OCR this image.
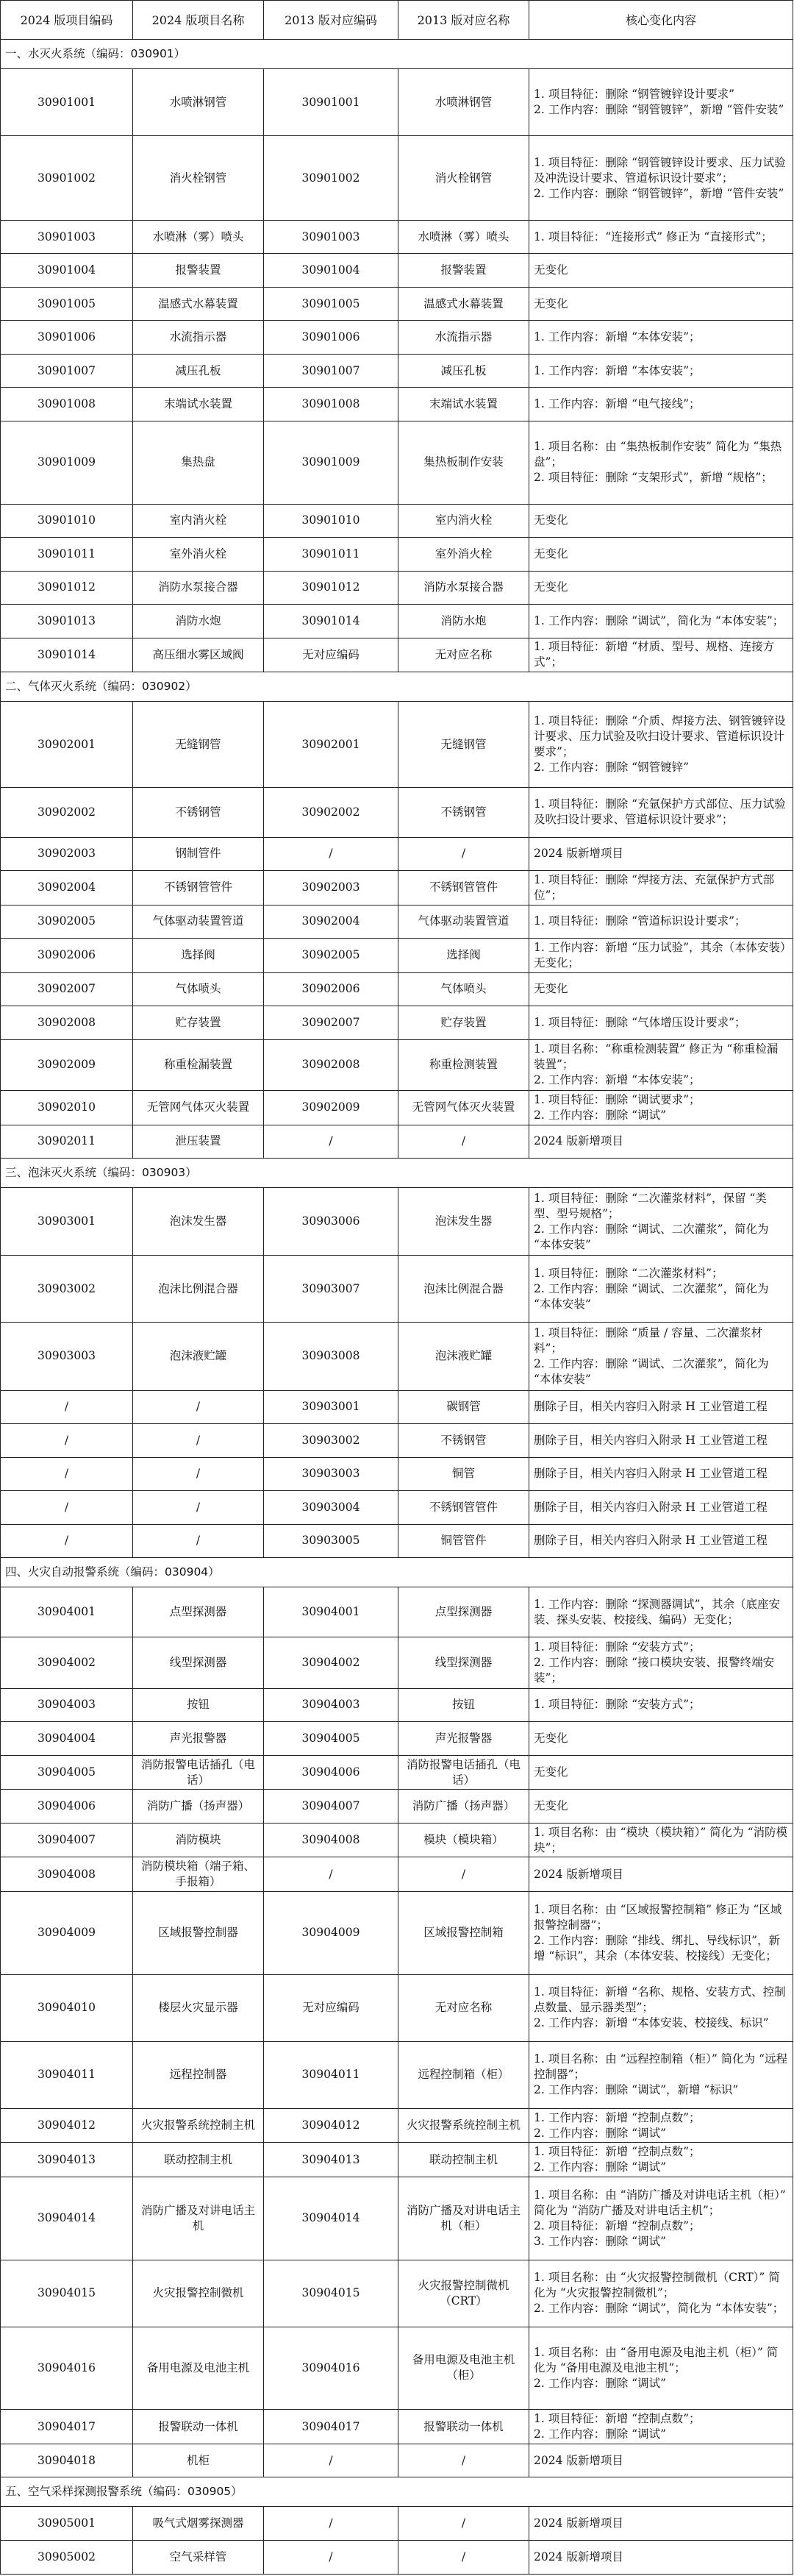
2024 版项目编码	2024 版项目名称	2013 版对应编码	2013 版对应名称	核心变化内容
一、水灭火系统（编码：030901）				
30901001	水喷淋钢管	30901001	水喷淋钢管	1. 项目特征：删除 “钢管镀锌设计要求”
2. 工作内容：删除 “钢管镀锌”，新增 “管件安装”

30901002	消火栓钢管	30901002	消火栓钢管	1. 项目特征：删除 “钢管镀锌设计要求、压力试验及冲洗设计要求、管道标识设计要求”；
2. 工作内容：删除 “钢管镀锌”，新增 “管件安装”

30901003	水喷淋（雾）喷头	30901003	水喷淋（雾）喷头	1. 项目特征：“连接形式” 修正为 “直接形式”；

30901004	报警装置	30901004	报警装置	无变化

30901005	温感式水幕装置	30901005	温感式水幕装置	无变化

30901006	水流指示器	30901006	水流指示器	1. 工作内容：新增 “本体安装”；

30901007	减压孔板	30901007	减压孔板	1. 工作内容：新增 “本体安装”；

30901008	末端试水装置	30901008	末端试水装置	1. 工作内容：新增 “电气接线”；

30901009	集热盘	30901009	集热板制作安装	1. 项目名称：由 “集热板制作安装” 简化为 “集热盘”；
2. 项目特征：删除 “支架形式”，新增 “规格”；

30901010	室内消火栓	30901010	室内消火栓	无变化

30901011	室外消火栓	30901011	室外消火栓	无变化

30901012	消防水泵接合器	30901012	消防水泵接合器	无变化

30901013	消防水炮	30901014	消防水炮	1. 工作内容：删除 “调试”，简化为 “本体安装”；

30901014	高压细水雾区域阀	无对应编码	无对应名称	1. 项目特征：新增 “材质、型号、规格、连接方式”；

二、气体灭火系统（编码：030902）				
30902001	无缝钢管	30902001	无缝钢管	1. 项目特征：删除 “介质、焊接方法、钢管镀锌设计要求、压力试验及吹扫设计要求、管道标识设计要求”；
2. 工作内容：删除 “钢管镀锌”

30902002	不锈钢管	30902002	不锈钢管	1. 项目特征：删除 “充氩保护方式部位、压力试验及吹扫设计要求、管道标识设计要求”；

30902003	钢制管件	/	/	2024 版新增项目

30902004	不锈钢管管件	30902003	不锈钢管管件	1. 项目特征：删除 “焊接方法、充氩保护方式部位”；

30902005	气体驱动装置管道	30902004	气体驱动装置管道	1. 项目特征：删除 “管道标识设计要求”；

30902006	选择阀	30902005	选择阀	1. 工作内容：新增 “压力试验”，其余（本体安装）无变化；

30902007	气体喷头	30902006	气体喷头	无变化

30902008	贮存装置	30902007	贮存装置	1. 项目特征：删除 “气体增压设计要求”；

30902009	称重检漏装置	30902008	称重检测装置	1. 项目名称：“称重检测装置” 修正为 “称重检漏装置”；
2. 工作内容：新增 “本体安装”；

30902010	无管网气体灭火装置	30902009	无管网气体灭火装置	1. 项目特征：删除 “调试要求”；
2. 工作内容：删除 “调试”

30902011	泄压装置	/	/	2024 版新增项目

三、泡沫灭火系统（编码：030903）				
30903001	泡沫发生器	30903006	泡沫发生器	1. 项目特征：删除 “二次灌浆材料”，保留 “类型、型号规格”；
2. 工作内容：删除 “调试、二次灌浆”，简化为 “本体安装”

30903002	泡沫比例混合器	30903007	泡沫比例混合器	1. 项目特征：删除 “二次灌浆材料”；
2. 工作内容：删除 “调试、二次灌浆”，简化为 “本体安装”

30903003	泡沫液贮罐	30903008	泡沫液贮罐	1. 项目特征：删除 “质量 / 容量、二次灌浆材料”；
2. 工作内容：删除 “调试、二次灌浆”，简化为 “本体安装”

/	/	30903001	碳钢管	删除子目，相关内容归入附录 H 工业管道工程

/	/	30903002	不锈钢管	删除子目，相关内容归入附录 H 工业管道工程

/	/	30903003	铜管	删除子目，相关内容归入附录 H 工业管道工程

/	/	30903004	不锈钢管管件	删除子目，相关内容归入附录 H 工业管道工程

/	/	30903005	铜管管件	删除子目，相关内容归入附录 H 工业管道工程

四、火灾自动报警系统（编码：030904）				
30904001	点型探测器	30904001	点型探测器	1. 工作内容：删除 “探测器调试”，其余（底座安装、探头安装、校接线、编码）无变化；

30904002	线型探测器	30904002	线型探测器	1. 项目特征：删除 “安装方式”；
2. 工作内容：删除 “接口模块安装、报警终端安装”；

30904003	按钮	30904003	按钮	1. 项目特征：删除 “安装方式”；

30904004	声光报警器	30904005	声光报警器	无变化

30904005	消防报警电话插孔（电话）	30904006	消防报警电话插孔（电话）	无变化

30904006	消防广播（扬声器）	30904007	消防广播（扬声器）	无变化

30904007	消防模块	30904008	模块（模块箱）	1. 项目名称：由 “模块（模块箱）” 简化为 “消防模块”；

30904008	消防模块箱（端子箱、手报箱）	/	/	2024 版新增项目

30904009	区域报警控制器	30904009	区域报警控制箱	1. 项目名称：由 “区域报警控制箱” 修正为 “区域报警控制器”；
2. 工作内容：删除 “排线、绑扎、导线标识”，新增 “标识”，其余（本体安装、校接线）无变化；

30904010	楼层火灾显示器	无对应编码	无对应名称	1. 项目特征：新增 “名称、规格、安装方式、控制点数量、显示器类型”；
2. 工作内容：新增 “本体安装、校接线、标识”

30904011	远程控制器	30904011	远程控制箱（柜）	1. 项目名称：由 “远程控制箱（柜）” 简化为 “远程控制器”；
2. 工作内容：删除 “调试”，新增 “标识”

30904012	火灾报警系统控制主机	30904012	火灾报警系统控制主机	1. 工作内容：新增 “控制点数”；
2. 工作内容：删除 “调试”

30904013	联动控制主机	30904013	联动控制主机	1. 项目特征：新增 “控制点数”；
2. 工作内容：删除 “调试”

30904014	消防广播及对讲电话主机	30904014	消防广播及对讲电话主机（柜）	1. 项目名称：由 “消防广播及对讲电话主机（柜）” 简化为 “消防广播及对讲电话主机”；
2. 项目特征：新增 “控制点数”；
3. 工作内容：删除 “调试”

30904015	火灾报警控制微机	30904015	火灾报警控制微机（CRT）	1. 项目名称：由 “火灾报警控制微机（CRT）” 简化为 “火灾报警控制微机”；
2. 工作内容：删除 “调试”，简化为 “本体安装”；

30904016	备用电源及电池主机	30904016	备用电源及电池主机（柜）	1. 项目名称：由 “备用电源及电池主机（柜）” 简化为 “备用电源及电池主机”；
2. 工作内容：删除 “调试”

30904017	报警联动一体机	30904017	报警联动一体机	1. 项目特征：新增 “控制点数”；
2. 工作内容：删除 “调试”

30904018	机柜	/	/	2024 版新增项目

五、空气采样探测报警系统（编码：030905）				
30905001	吸气式烟雾探测器	/	/	2024 版新增项目

30905002	空气采样管	/	/	2024 版新增项目
